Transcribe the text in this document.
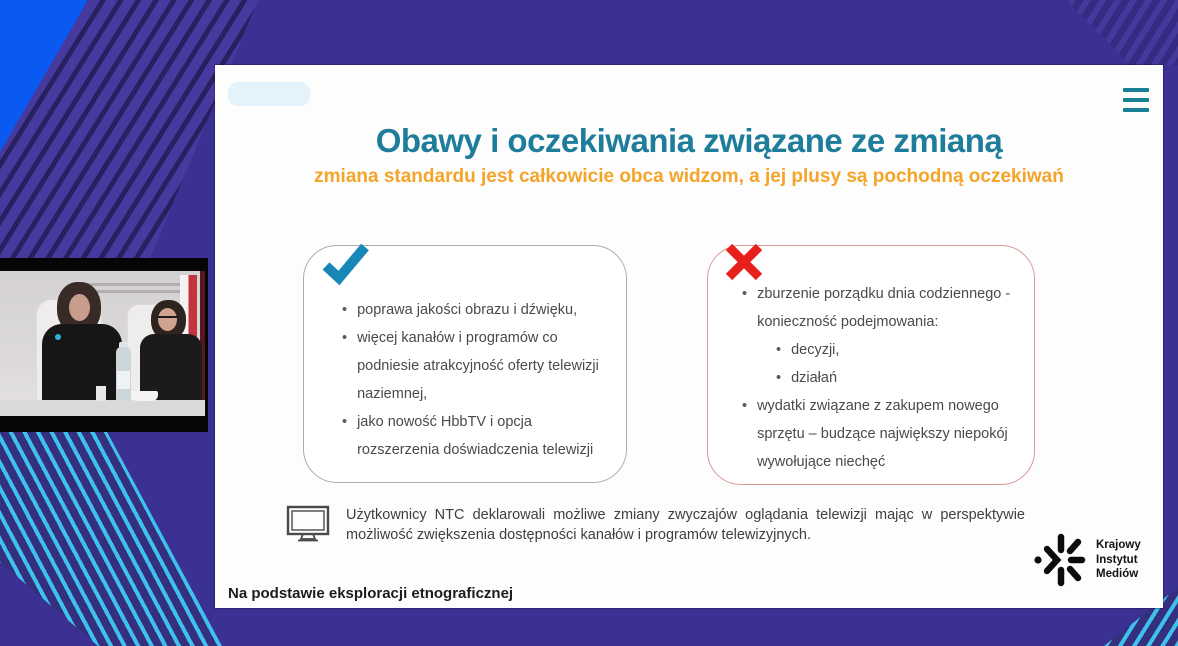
Obawy i oczekiwania związane ze zmianą
zmiana standardu jest całkowicie obca widzom, a jej plusy są pochodną oczekiwań
• poprawa jakości obrazu i dźwięku,
• więcej kanałów i programów co podniesie atrakcyjność oferty telewizji naziemnej,
• jako nowość HbbTV i opcja rozszerzenia doświadczenia telewizji
• zburzenie porządku dnia codziennego - konieczność podejmowania:
• decyzji,
• działań
• wydatki związane z zakupem nowego sprzętu – budzące największy niepokój wywołujące niechęć
Użytkownicy NTC deklarowali możliwe zmiany zwyczajów oglądania telewizji mając w perspektywie możliwość zwiększenia dostępności kanałów i programów telewizyjnych.
Na podstawie eksploracji etnograficznej
Krajowy
Instytut
Mediów
